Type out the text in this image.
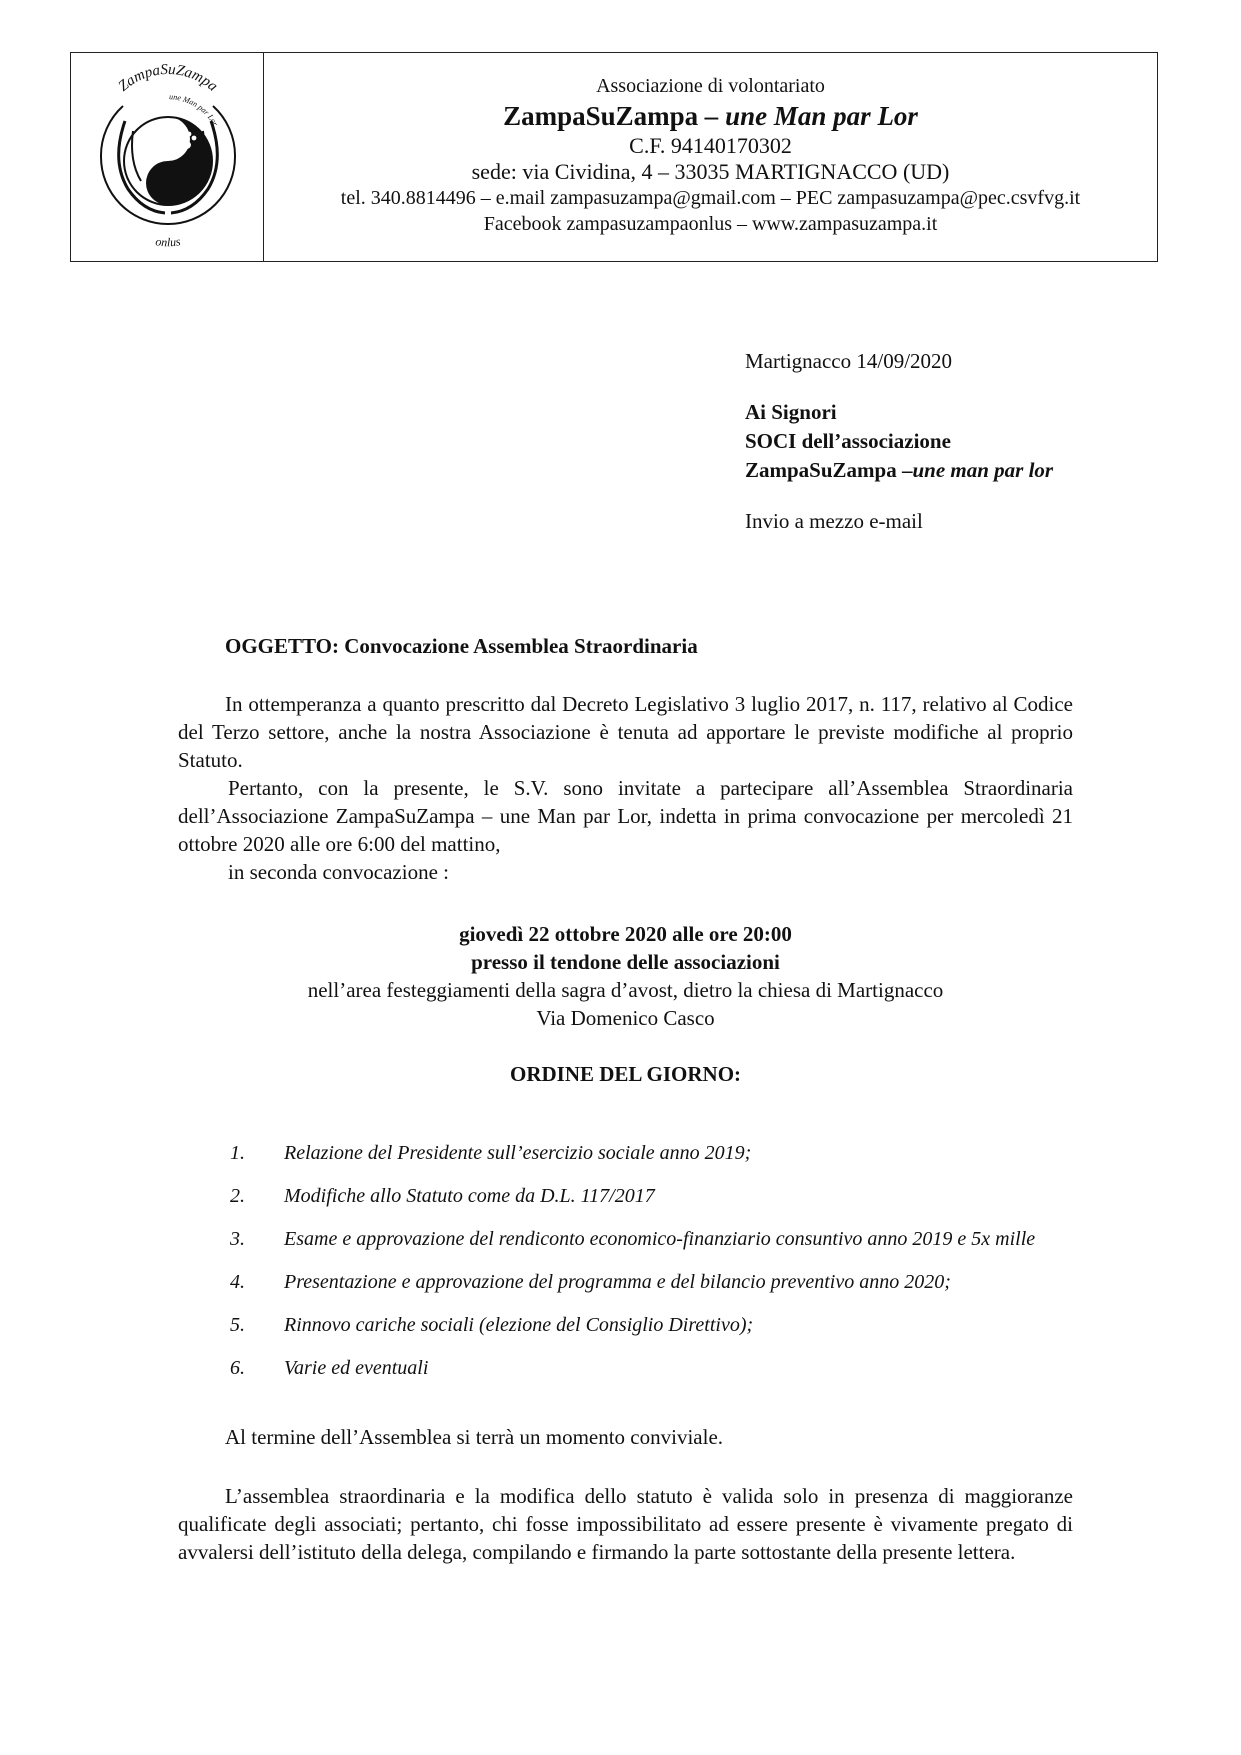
ZampaSuZampa
une Man par Lor
onlus
Associazione di volontariato
ZampaSuZampa – une Man par Lor
C.F. 94140170302
sede: via Cividina, 4 – 33035 MARTIGNACCO (UD)
tel. 340.8814496 – e.mail zampasuzampa@gmail.com – PEC zampasuzampa@pec.csvfvg.it
Facebook zampasuzampaonlus – www.zampasuzampa.it
Martignacco 14/09/2020
Ai Signori
SOCI dell’associazione
ZampaSuZampa –une man par lor
Invio a mezzo e-mail
OGGETTO: Convocazione Assemblea Straordinaria
In ottemperanza a quanto prescritto dal Decreto Legislativo 3 luglio 2017, n. 117, relativo al Codice del Terzo settore, anche la nostra Associazione è tenuta ad apportare le previste modifiche al proprio Statuto.
Pertanto, con la presente, le S.V. sono invitate a partecipare all’Assemblea Straordinaria dell’Associazione ZampaSuZampa – une Man par Lor, indetta in prima convocazione per mercoledì 21 ottobre 2020 alle ore 6:00 del mattino,
in seconda convocazione :
giovedì 22 ottobre 2020 alle ore 20:00
presso il tendone delle associazioni
nell’area festeggiamenti della sagra d’avost, dietro la chiesa di Martignacco
Via Domenico Casco
ORDINE DEL GIORNO:
1.	Relazione del Presidente sull’esercizio sociale anno 2019;
2.	Modifiche allo Statuto come da D.L. 117/2017
3.	Esame e approvazione del rendiconto economico-finanziario consuntivo anno 2019 e 5x mille
4.	Presentazione e approvazione del programma e del bilancio preventivo anno 2020;
5.	Rinnovo cariche sociali (elezione del Consiglio Direttivo);
6.	Varie ed eventuali
Al termine dell’Assemblea si terrà un momento conviviale.
L’assemblea straordinaria e la modifica dello statuto è valida solo in presenza di maggioranze qualificate degli associati; pertanto, chi fosse impossibilitato ad essere presente è vivamente pregato di avvalersi dell’istituto della delega, compilando e firmando la parte sottostante della presente lettera.
